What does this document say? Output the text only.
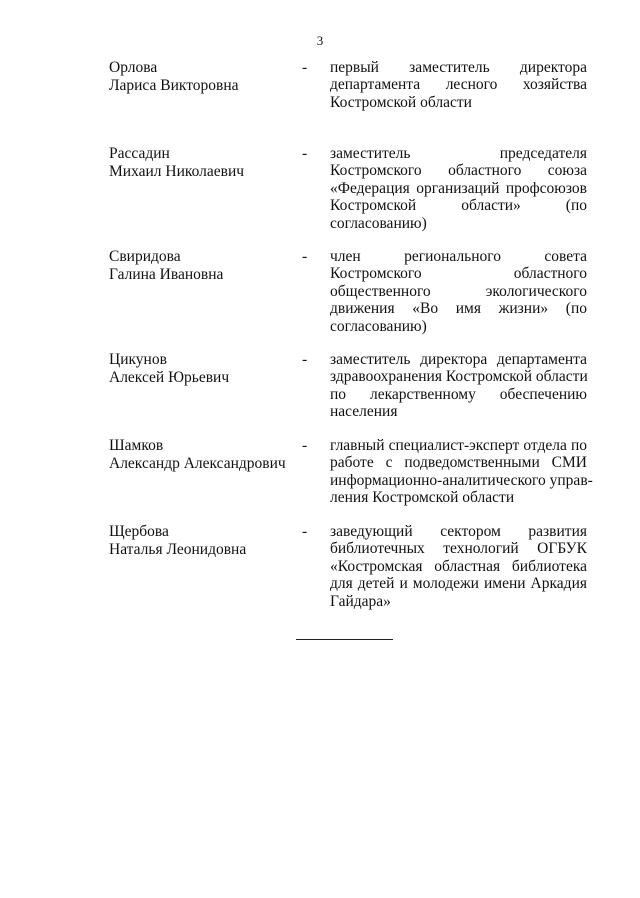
3
Орлова
Лариса Викторовна
- первый заместитель директора
департамента лесного хозяйства
Костромской области
Рассадин
Михаил Николаевич
- заместитель председателя
Костромского областного союза
«Федерация организаций профсоюзов
Костромской области» (по
согласованию)
Свиридова
Галина Ивановна
- член регионального совета
Костромского областного
общественного экологического
движения «Во имя жизни» (по
согласованию)
Цикунов
Алексей Юрьевич
- заместитель директора департамента
здравоохранения Костромской области
по лекарственному обеспечению
населения
Шамков
Александр Александрович
- главный специалист-эксперт отдела по
работе с подведомственными СМИ
информационно-аналитического управ-
ления Костромской области
Щербова
Наталья Леонидовна
- заведующий сектором развития
библиотечных технологий ОГБУК
«Костромская областная библиотека
для детей и молодежи имени Аркадия
Гайдара»
